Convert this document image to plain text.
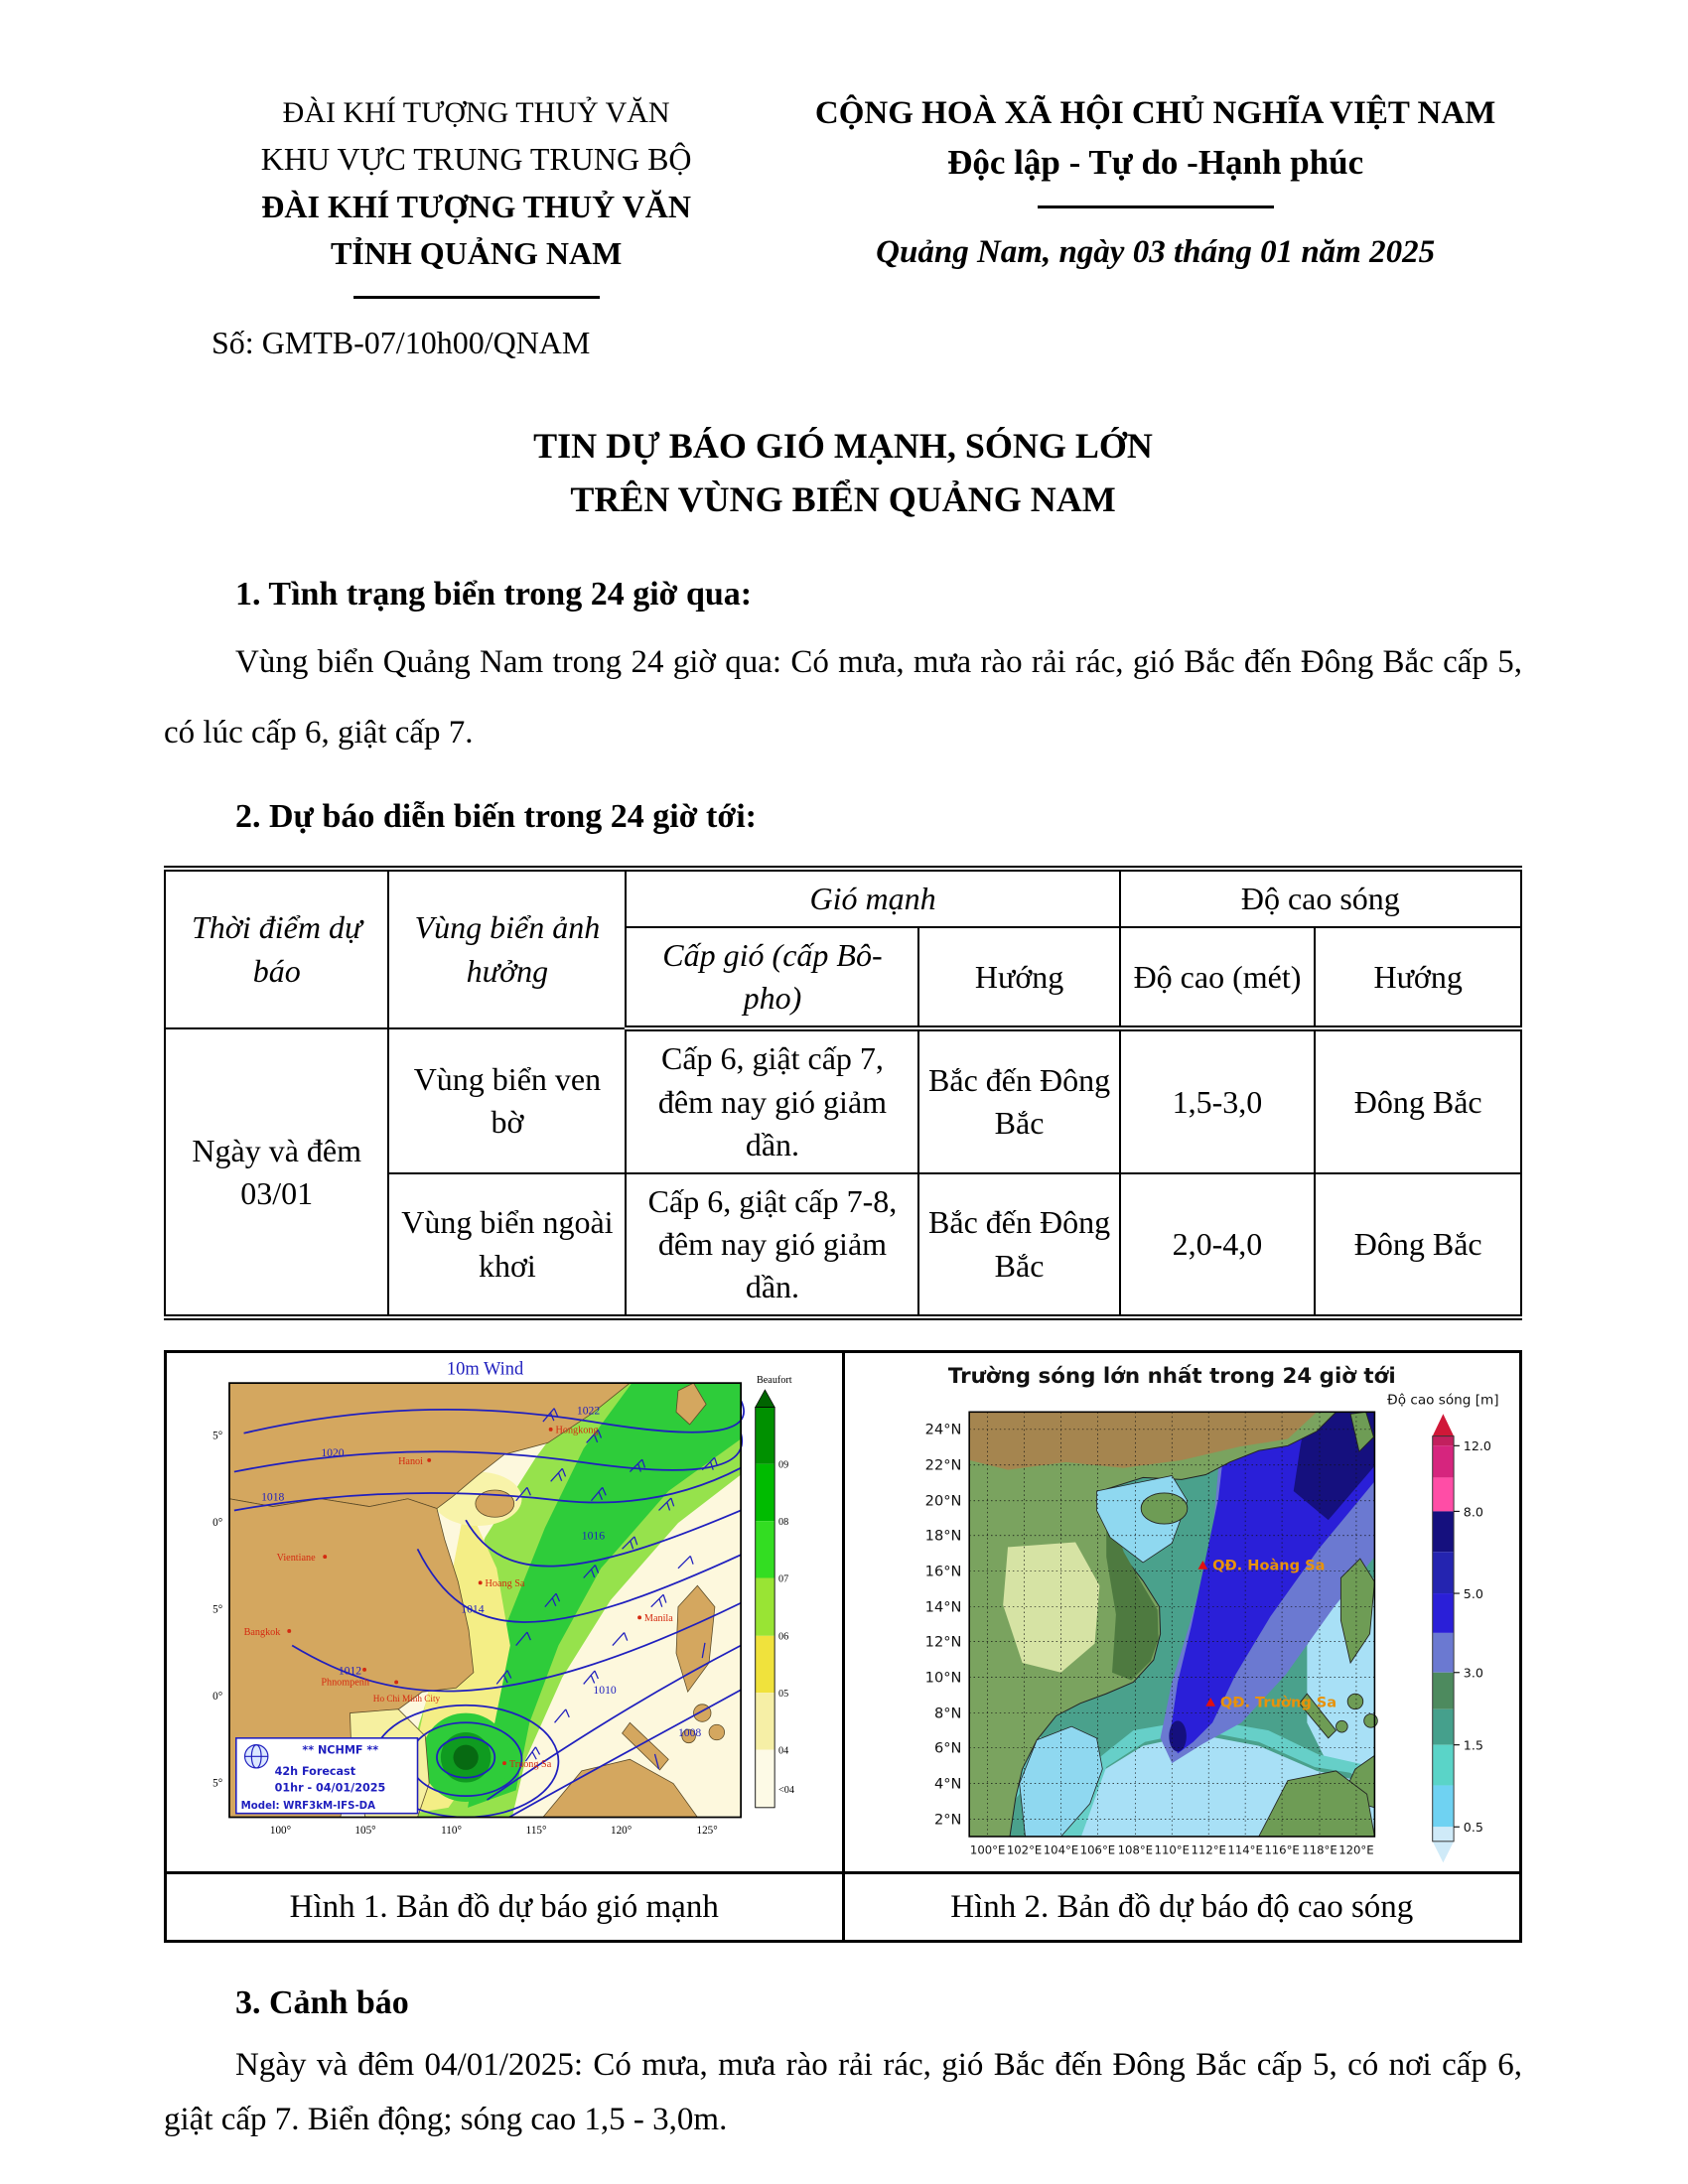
ĐÀI KHÍ TƯỢNG THUỶ VĂN
KHU VỰC TRUNG TRUNG BỘ
ĐÀI KHÍ TƯỢNG THUỶ VĂN
TỈNH QUẢNG NAM
Số: GMTB-07/10h00/QNAM
CỘNG HOÀ XÃ HỘI CHỦ NGHĨA VIỆT NAM
Độc lập - Tự do -Hạnh phúc
Quảng Nam, ngày 03 tháng 01 năm 2025
TIN DỰ BÁO GIÓ MẠNH, SÓNG LỚN
TRÊN VÙNG BIỂN QUẢNG NAM

1. Tình trạng biển trong 24 giờ qua:

Vùng biển Quảng Nam trong 24 giờ qua: Có mưa, mưa rào rải rác, gió Bắc đến Đông Bắc cấp 5, có lúc cấp 6, giật cấp 7.

2. Dự báo diễn biến trong 24 giờ tới:

Thời điểm dự báo	Vùng biển ảnh hưởng	Gió mạnh		Độ cao sóng	
		Cấp gió (cấp Bô-pho)	Hướng	Độ cao (mét)	Hướng
Ngày và đêm 03/01	Vùng biển ven bờ	Cấp 6, giật cấp 7, đêm nay gió giảm dần.	Bắc đến Đông Bắc	1,5-3,0	Đông Bắc
	Vùng biển ngoài khơi	Cấp 6, giật cấp 7-8, đêm nay gió giảm dần.	Bắc đến Đông Bắc	2,0-4,0	Đông Bắc
1022
1020
1018
1016
1014
1012
1010
1008
Hanoi
Hongkong
Vientiane
Bangkok
Phnompenh
Ho Chi Minh City
Hoang Sa
Truong Sa
Manila
10m Wind
Beaufort
09
08
07
06
05
04
<04
** NCHMF **
42h Forecast
01hr - 04/01/2025
Model: WRF3kM-IFS-DA
5°
0°
5°
0°
5°
100°	105°	110°	115°	120°	125°

QĐ. Hoàng Sa
QĐ. Trường Sa
Trường sóng lớn nhất trong 24 giờ tới
Độ cao sóng [m]
12.0
8.0
5.0
3.0
1.5
0.5
24°N
22°N
20°N
18°N
16°N
14°N
12°N
10°N
8°N
6°N
4°N
2°N
100°E 102°E 104°E 106°E 108°E 110°E 112°E 114°E 116°E 118°E 120°E

Hình 1. Bản đồ dự báo gió mạnh	Hình 2. Bản đồ dự báo độ cao sóng

3. Cảnh báo

Ngày và đêm 04/01/2025: Có mưa, mưa rào rải rác, gió Bắc đến Đông Bắc cấp 5, có nơi cấp 6, giật cấp 7. Biển động; sóng cao 1,5 - 3,0m.
